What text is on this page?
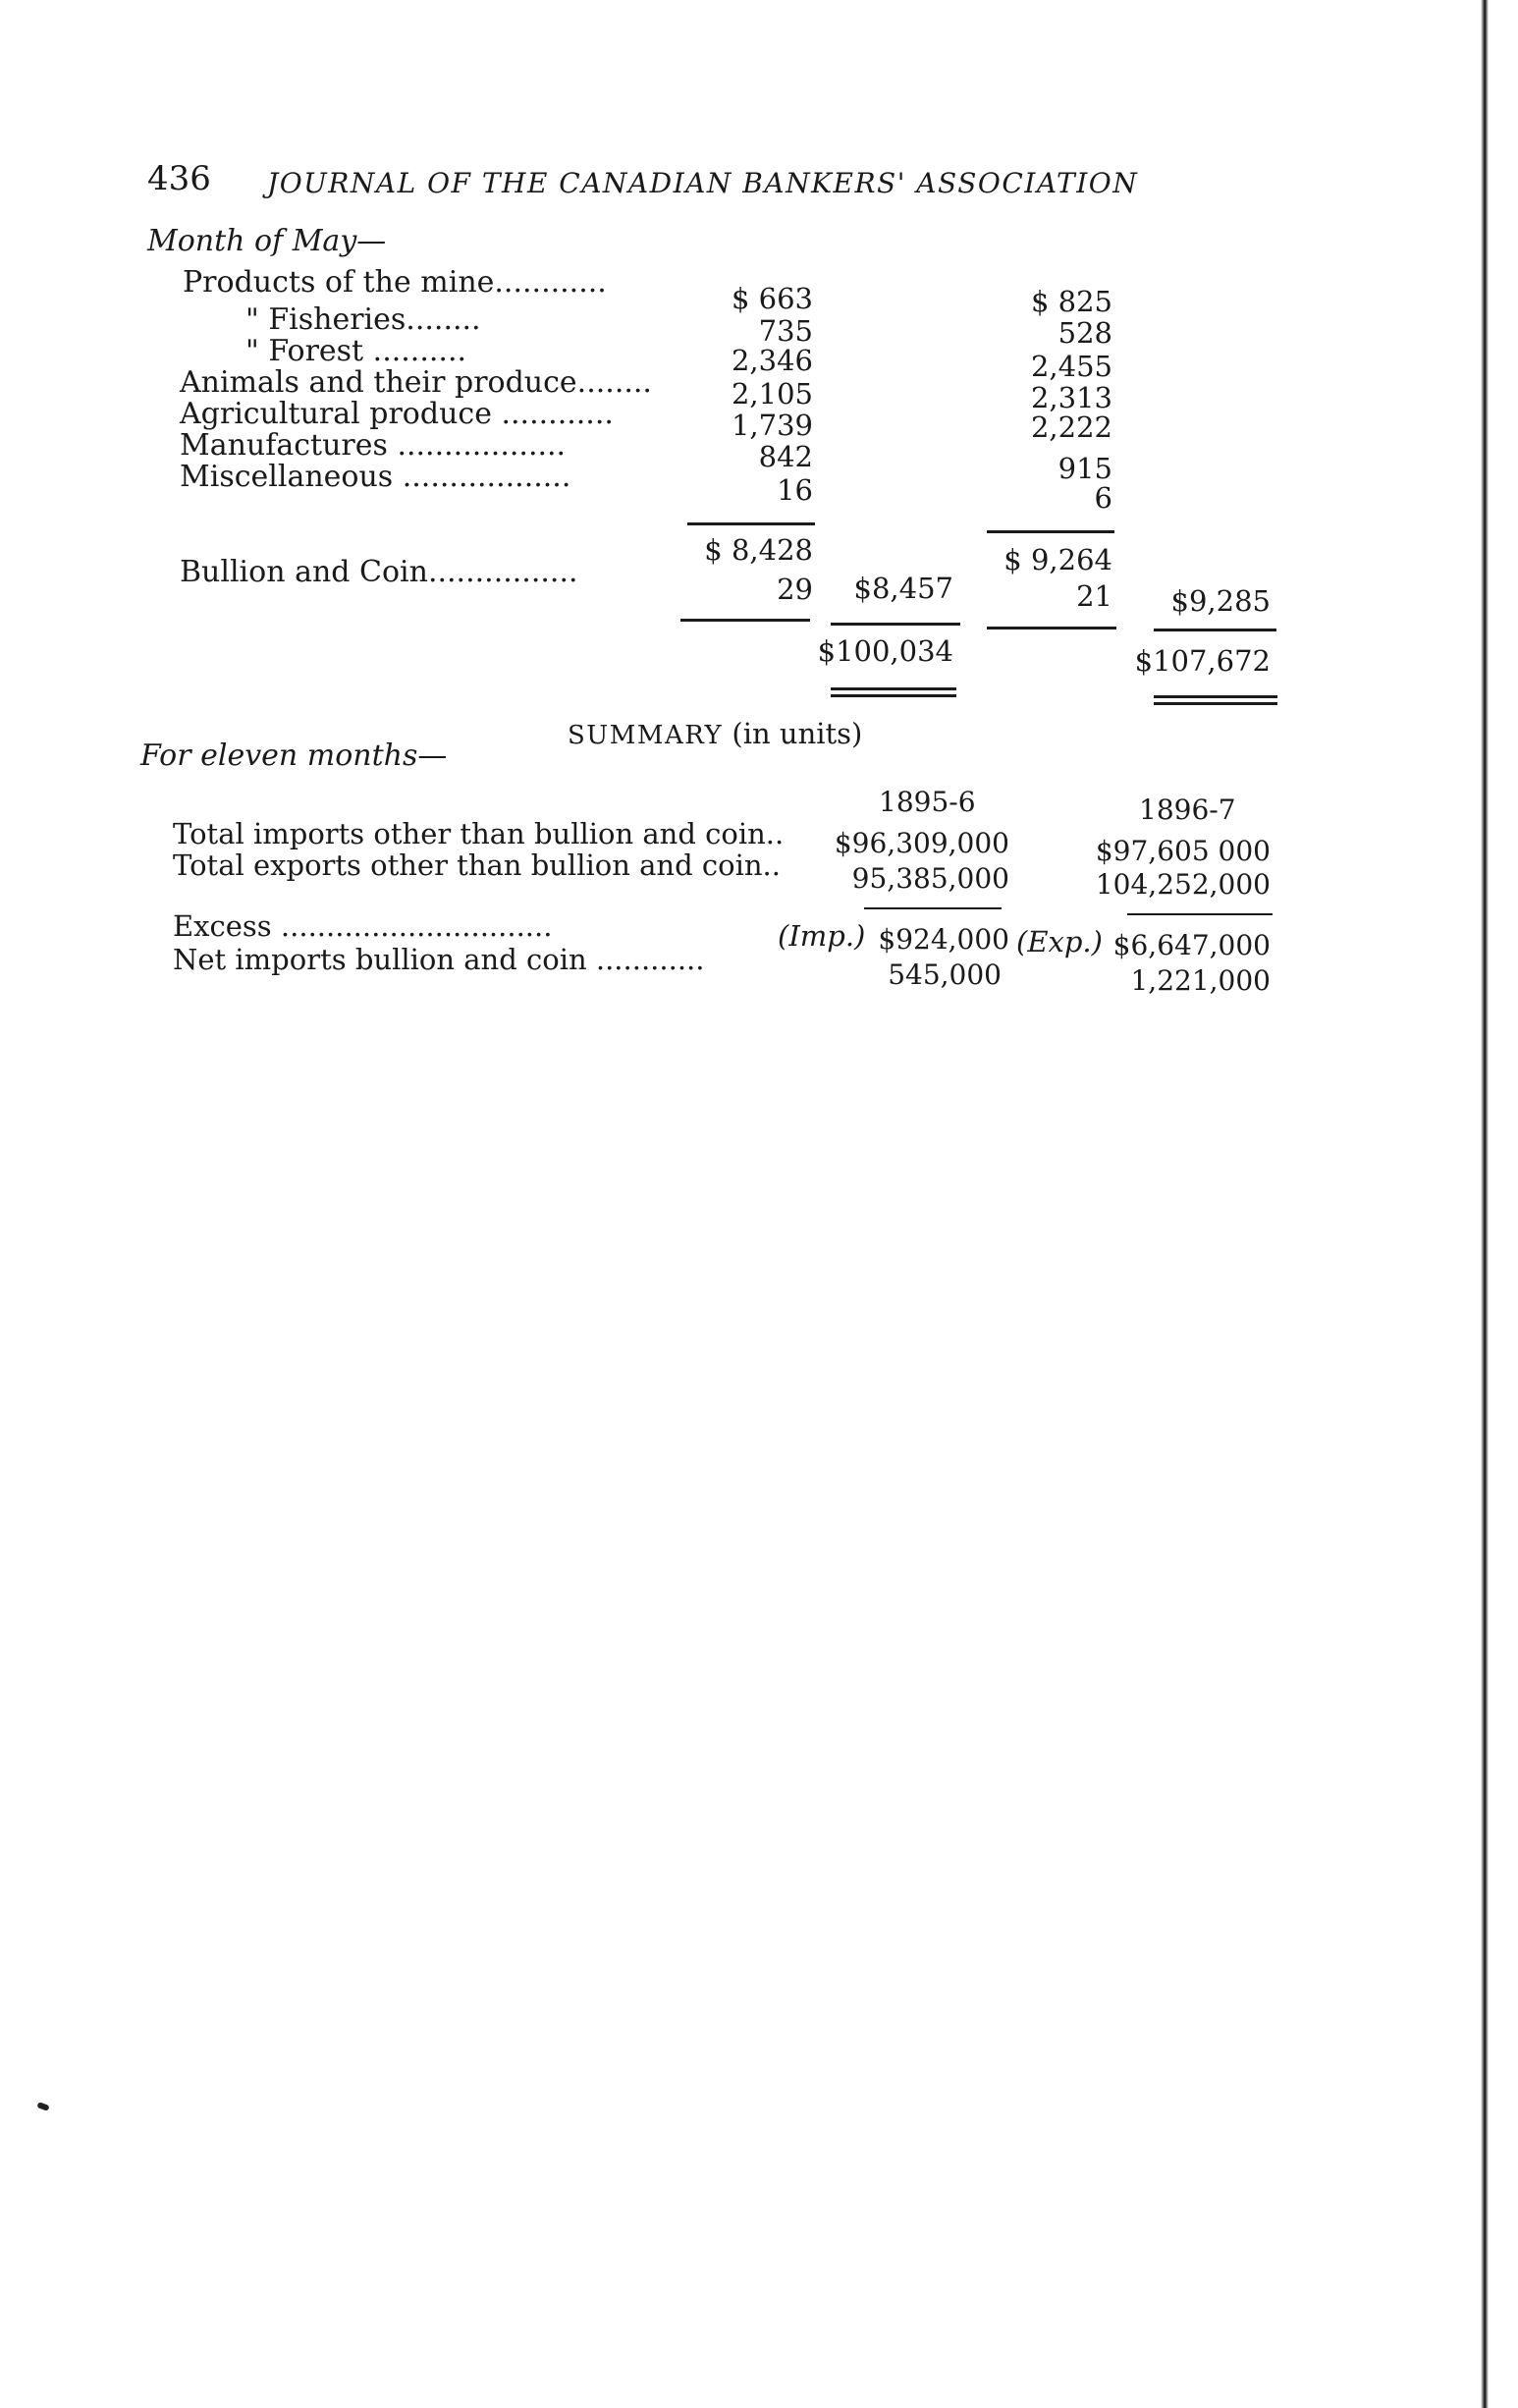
436 JOURNAL OF THE CANADIAN BANKERS' ASSOCIATION
Month of May—
Products of the mine............	$ 663	$ 825
" Fisheries........	735	528
" Forest ..........	2,346	2,455
Animals and their produce........	2,105	2,313
Agricultural produce ............	1,739	2,222
Manufactures ..................	842	915
Miscellaneous ..................	16	6
$ 8,428	$ 9,264
Bullion and Coin................	29 $8,457	21 $9,285
$100,034	$107,672
SUMMARY (in units)
For eleven months—
1895-6	1896-7
Total imports other than bullion and coin.. $96,309,000	$97,605 000
Total exports other than bullion and coin..	95,385,000	104,252,000
Excess ..............................	(Imp.) $924,000 (Exp.) $6,647,000
Net imports bullion and coin ............	545,000	1,221,000
